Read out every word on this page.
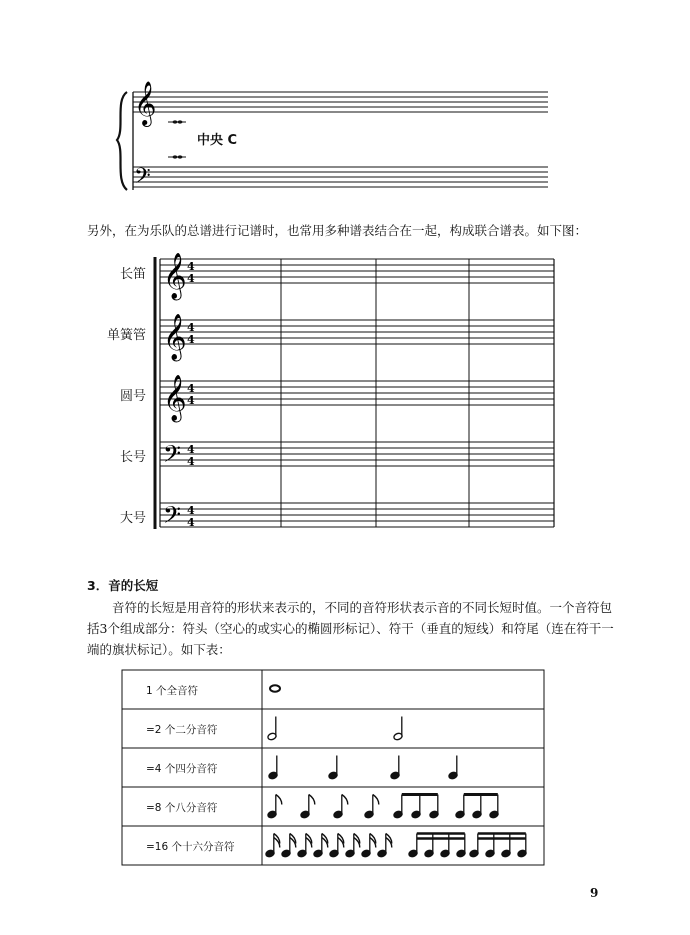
𝄞
𝄢
中央 C
另外，在为乐队的总谱进行记谱时，也常用多种谱表结合在一起，构成联合谱表。如下图：
𝄞 4
4
𝄞 4
4
𝄞 4
4
𝄢 4
4
𝄢 4
4
长笛
单簧管
圆号
长号
大号
3．音的长短
音符的长短是用音符的形状来表示的，不同的音符形状表示音的不同长短时值。一个音符包括3个组成部分：符头（空心的或实心的椭圆形标记）、符干（垂直的短线）和符尾（连在符干一端的旗状标记）。如下表：
1 个全音符
=2 个二分音符
=4 个四分音符
=8 个八分音符
=16 个十六分音符
9
